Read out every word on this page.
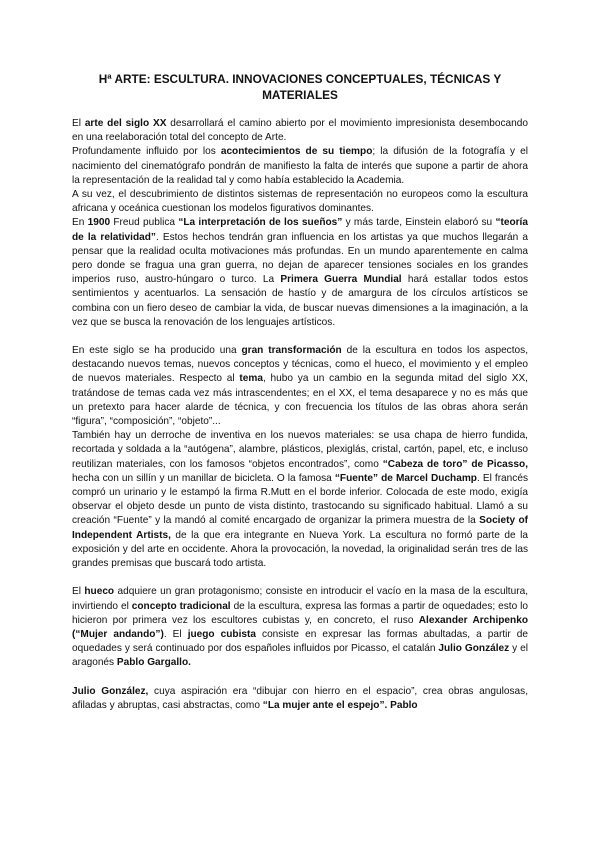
Hª ARTE: ESCULTURA. INNOVACIONES CONCEPTUALES, TÉCNICAS Y MATERIALES

El arte del siglo XX desarrollará el camino abierto por el movimiento impresionista desembocando en una reelaboración total del concepto de Arte.

Profundamente influido por los acontecimientos de su tiempo; la difusión de la fotografía y el nacimiento del cinematógrafo pondrán de manifiesto la falta de interés que supone a partir de ahora la representación de la realidad tal y como había establecido la Academia.

A su vez, el descubrimiento de distintos sistemas de representación no europeos como la escultura africana y oceánica cuestionan los modelos figurativos dominantes.

En 1900 Freud publica “La interpretación de los sueños” y más tarde, Einstein elaboró su “teoría de la relatividad”. Estos hechos tendrán gran influencia en los artistas ya que muchos llegarán a pensar que la realidad oculta motivaciones más profundas. En un mundo aparentemente en calma pero donde se fragua una gran guerra, no dejan de aparecer tensiones sociales en los grandes imperios ruso, austro-húngaro o turco. La Primera Guerra Mundial hará estallar todos estos sentimientos y acentuarlos. La sensación de hastío y de amargura de los círculos artísticos se combina con un fiero deseo de cambiar la vida, de buscar nuevas dimensiones a la imaginación, a la vez que se busca la renovación de los lenguajes artísticos.

En este siglo se ha producido una gran transformación de la escultura en todos los aspectos, destacando nuevos temas, nuevos conceptos y técnicas, como el hueco, el movimiento y el empleo de nuevos materiales. Respecto al tema, hubo ya un cambio en la segunda mitad del siglo XX, tratándose de temas cada vez más intrascendentes; en el XX, el tema desaparece y no es más que un pretexto para hacer alarde de técnica, y con frecuencia los títulos de las obras ahora serán “figura”, “composición”, “objeto”...

También hay un derroche de inventiva en los nuevos materiales: se usa chapa de hierro fundida, recortada y soldada a la “autógena”, alambre, plásticos, plexiglás, cristal, cartón, papel, etc, e incluso reutilizan materiales, con los famosos “objetos encontrados”, como “Cabeza de toro” de Picasso, hecha con un sillín y un manillar de bicicleta. O la famosa “Fuente” de Marcel Duchamp. El francés compró un urinario y le estampó la firma R.Mutt en el borde inferior. Colocada de este modo, exigía observar el objeto desde un punto de vista distinto, trastocando su significado habitual. Llamó a su creación “Fuente” y la mandó al comité encargado de organizar la primera muestra de la Society of Independent Artists, de la que era integrante en Nueva York. La escultura no formó parte de la exposición y del arte en occidente. Ahora la provocación, la novedad, la originalidad serán tres de las grandes premisas que buscará todo artista.

El hueco adquiere un gran protagonismo; consiste en introducir el vacío en la masa de la escultura, invirtiendo el concepto tradicional de la escultura, expresa las formas a partir de oquedades; esto lo hicieron por primera vez los escultores cubistas y, en concreto, el ruso Alexander Archipenko (“Mujer andando”). El juego cubista consiste en expresar las formas abultadas, a partir de oquedades y será continuado por dos españoles influidos por Picasso, el catalán Julio González y el aragonés Pablo Gargallo.

Julio González, cuya aspiración era “dibujar con hierro en el espacio”, crea obras angulosas, afiladas y abruptas, casi abstractas, como “La mujer ante el espejo”. Pablo
